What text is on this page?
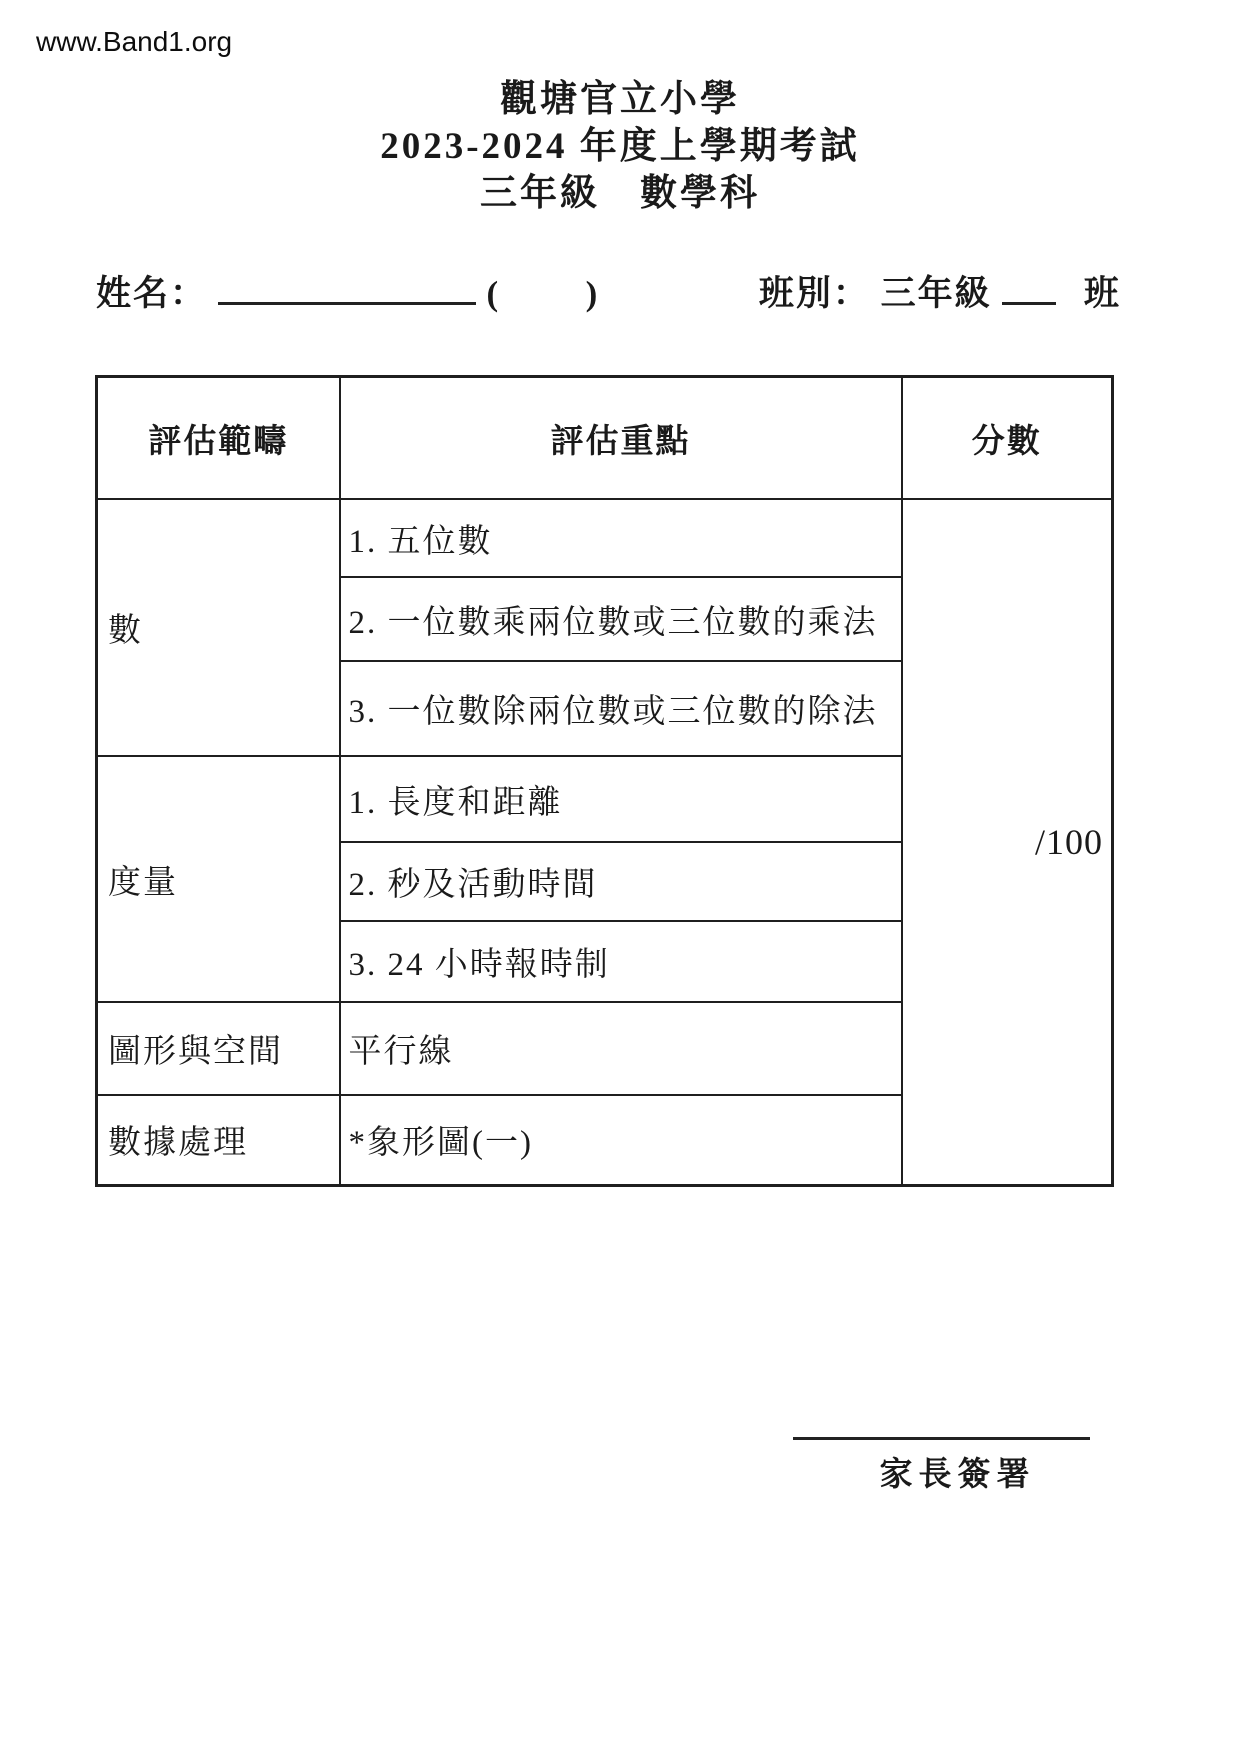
www.Band1.org
觀塘官立小學
2023-2024 年度上學期考試
三年級　數學科
姓名：	( )	班別： 三年級	班
評估範疇	評估重點	分數
數	1. 五位數	/100
	2. 一位數乘兩位數或三位數的乘法	
	3. 一位數除兩位數或三位數的除法	
度量	1. 長度和距離	
	2. 秒及活動時間	
	3. 24 小時報時制	
圖形與空間	平行線	
數據處理	*象形圖(一)	
家長簽署
